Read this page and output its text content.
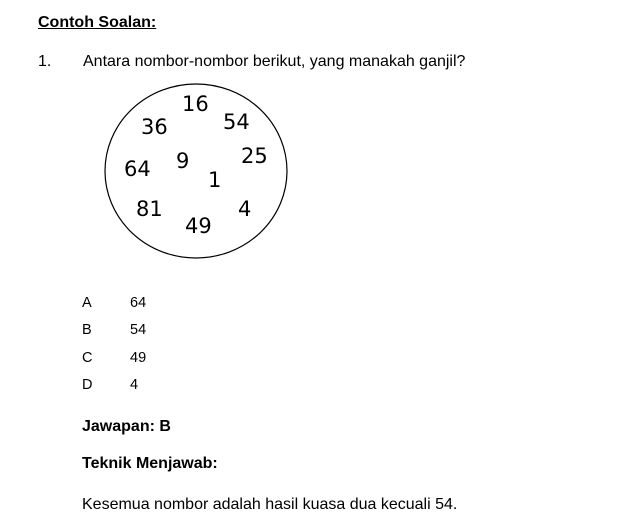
Contoh Soalan:
1. Antara nombor-nombor berikut, yang manakah ganjil?
16
36	54
25
64 9
1
81	4
49
A	64
B	54
C	49
D	4
Jawapan: B
Teknik Menjawab:
Kesemua nombor adalah hasil kuasa dua kecuali 54.
